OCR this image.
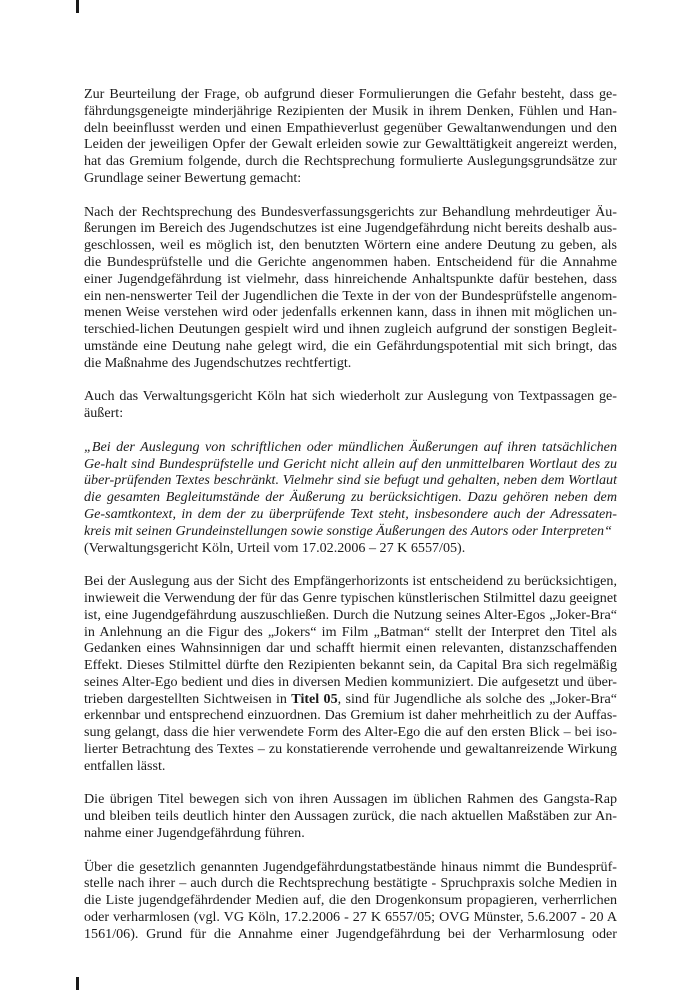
Zur Beurteilung der Frage, ob aufgrund dieser Formulierungen die Gefahr besteht, dass ge-fährdungsgeneigte minderjährige Rezipienten der Musik in ihrem Denken, Fühlen und Han-deln beeinflusst werden und einen Empathieverlust gegenüber Gewaltanwendungen und den Leiden der jeweiligen Opfer der Gewalt erleiden sowie zur Gewalttätigkeit angereizt werden, hat das Gremium folgende, durch die Rechtsprechung formulierte Auslegungsgrundsätze zur Grundlage seiner Bewertung gemacht:

Nach der Rechtsprechung des Bundesverfassungsgerichts zur Behandlung mehrdeutiger Äu-ßerungen im Bereich des Jugendschutzes ist eine Jugendgefährdung nicht bereits deshalb aus-geschlossen, weil es möglich ist, den benutzten Wörtern eine andere Deutung zu geben, als die Bundesprüfstelle und die Gerichte angenommen haben. Entscheidend für die Annahme einer Jugendgefährdung ist vielmehr, dass hinreichende Anhaltspunkte dafür bestehen, dass ein nen-nenswerter Teil der Jugendlichen die Texte in der von der Bundesprüfstelle angenom-menen Weise verstehen wird oder jedenfalls erkennen kann, dass in ihnen mit möglichen un-terschied-lichen Deutungen gespielt wird und ihnen zugleich aufgrund der sonstigen Begleit-umstände eine Deutung nahe gelegt wird, die ein Gefährdungspotential mit sich bringt, das die Maßnahme des Jugendschutzes rechtfertigt.

Auch das Verwaltungsgericht Köln hat sich wiederholt zur Auslegung von Textpassagen ge-äußert:

„Bei der Auslegung von schriftlichen oder mündlichen Äußerungen auf ihren tatsächlichen Ge-halt sind Bundesprüfstelle und Gericht nicht allein auf den unmittelbaren Wortlaut des zu über-prüfenden Textes beschränkt. Vielmehr sind sie befugt und gehalten, neben dem Wortlaut die gesamten Begleitumstände der Äußerung zu berücksichtigen. Dazu gehören neben dem Ge-samtkontext, in dem der zu überprüfende Text steht, insbesondere auch der Adressaten-kreis mit seinen Grundeinstellungen sowie sonstige Äußerungen des Autors oder Interpreten“
(Verwaltungsgericht Köln, Urteil vom 17.02.2006 – 27 K 6557/05).

Bei der Auslegung aus der Sicht des Empfängerhorizonts ist entscheidend zu berücksichtigen, inwieweit die Verwendung der für das Genre typischen künstlerischen Stilmittel dazu geeignet ist, eine Jugendgefährdung auszuschließen. Durch die Nutzung seines Alter-Egos „Joker-Bra“ in Anlehnung an die Figur des „Jokers“ im Film „Batman“ stellt der Interpret den Titel als Gedanken eines Wahnsinnigen dar und schafft hiermit einen relevanten, distanzschaffenden Effekt. Dieses Stilmittel dürfte den Rezipienten bekannt sein, da Capital Bra sich regelmäßig seines Alter-Ego bedient und dies in diversen Medien kommuniziert. Die aufgesetzt und über-trieben dargestellten Sichtweisen in Titel 05, sind für Jugendliche als solche des „Joker-Bra“ erkennbar und entsprechend einzuordnen. Das Gremium ist daher mehrheitlich zu der Auffas-sung gelangt, dass die hier verwendete Form des Alter-Ego die auf den ersten Blick – bei iso-lierter Betrachtung des Textes – zu konstatierende verrohende und gewaltanreizende Wirkung entfallen lässt.

Die übrigen Titel bewegen sich von ihren Aussagen im üblichen Rahmen des Gangsta-Rap und bleiben teils deutlich hinter den Aussagen zurück, die nach aktuellen Maßstäben zur An-nahme einer Jugendgefährdung führen.

Über die gesetzlich genannten Jugendgefährdungstatbestände hinaus nimmt die Bundesprüf-stelle nach ihrer – auch durch die Rechtsprechung bestätigte - Spruchpraxis solche Medien in die Liste jugendgefährdender Medien auf, die den Drogenkonsum propagieren, verherrlichen oder verharmlosen (vgl. VG Köln, 17.2.2006 - 27 K 6557/05; OVG Münster, 5.6.2007 - 20 A 1561/06). Grund für die Annahme einer Jugendgefährdung bei der Verharmlosung oder
